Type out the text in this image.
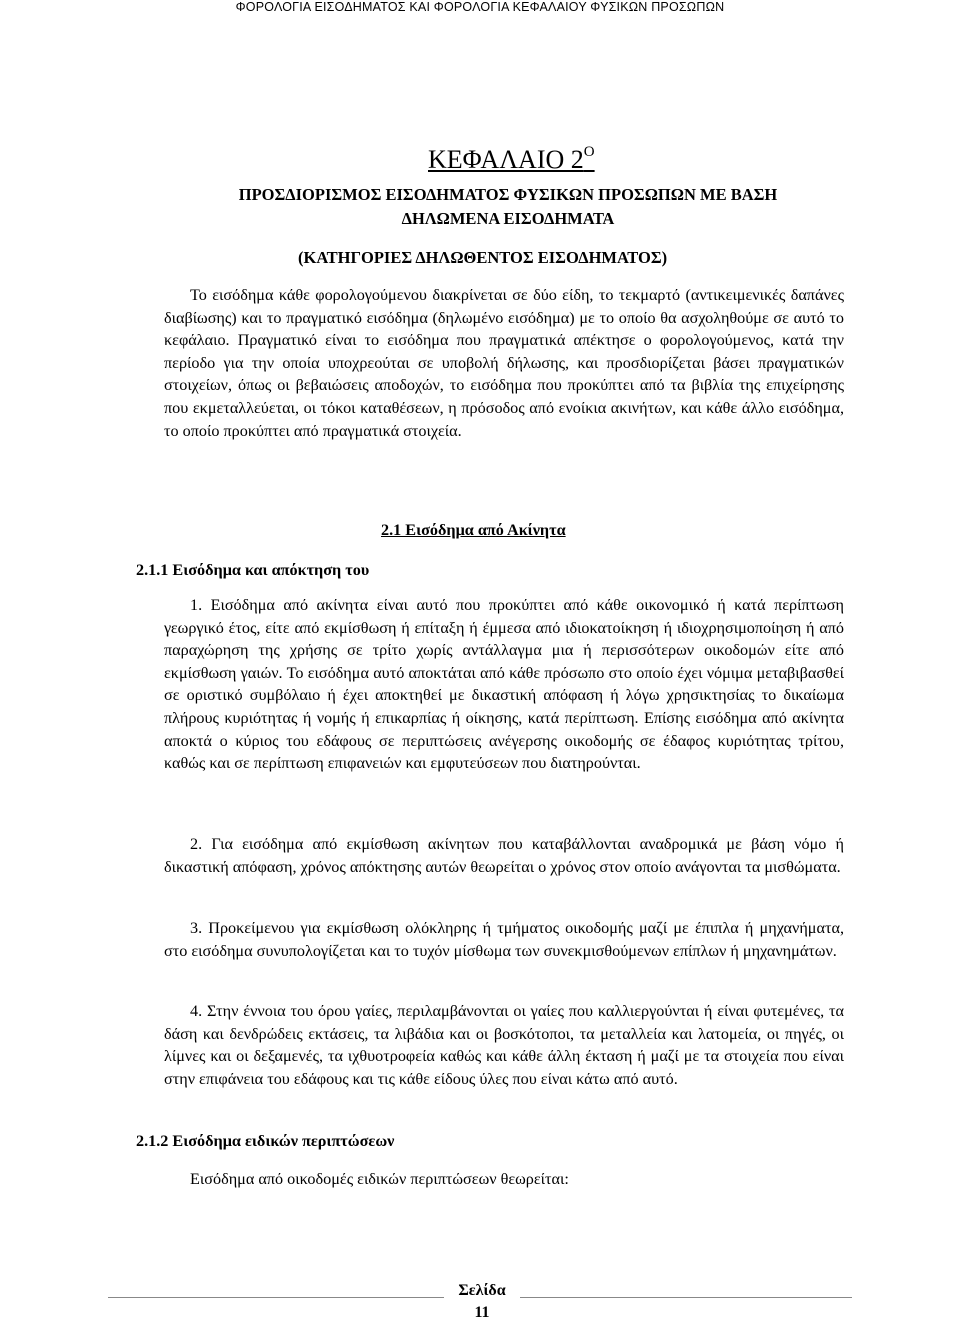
ΦΟΡΟΛΟΓΙΑ ΕΙΣΟΔΗΜΑΤΟΣ ΚΑΙ ΦΟΡΟΛΟΓΙΑ ΚΕΦΑΛΑΙΟΥ ΦΥΣΙΚΩΝ ΠΡΟΣΩΠΩΝ
ΚΕΦΑΛΑΙΟ $2^O$
ΠΡΟΣΔΙΟΡΙΣΜΟΣ ΕΙΣΟΔΗΜΑΤΟΣ ΦΥΣΙΚΩΝ ΠΡΟΣΩΠΩΝ ΜΕ ΒΑΣΗ
ΔΗΛΩΜΕΝΑ ΕΙΣΟΔΗΜΑΤΑ
(ΚΑΤΗΓΟΡΙΕΣ ΔΗΛΩΘΕΝΤΟΣ ΕΙΣΟΔΗΜΑΤΟΣ)
Το εισόδημα κάθε φορολογούμενου διακρίνεται σε δύο είδη, το τεκμαρτό (αντικειμενικές δαπάνες διαβίωσης) και το πραγματικό εισόδημα (δηλωμένο εισόδημα) με το οποίο θα ασχοληθούμε σε αυτό το κεφάλαιο. Πραγματικό είναι το εισόδημα που πραγματικά απέκτησε ο φορολογούμενος, κατά την περίοδο για την οποία υποχρεούται σε υποβολή δήλωσης, και προσδιορίζεται βάσει πραγματικών στοιχείων, όπως οι βεβαιώσεις αποδοχών, το εισόδημα που προκύπτει από τα βιβλία της επιχείρησης που εκμεταλλεύεται, οι τόκοι καταθέσεων, η πρόσοδος από ενοίκια ακινήτων, και κάθε άλλο εισόδημα, το οποίο προκύπτει από πραγματικά στοιχεία.
2.1 Εισόδημα από Ακίνητα
2.1.1 Εισόδημα και απόκτηση του
1. Εισόδημα από ακίνητα είναι αυτό που προκύπτει από κάθε οικονομικό ή κατά περίπτωση γεωργικό έτος, είτε από εκμίσθωση ή επίταξη ή έμμεσα από ιδιοκατοίκηση ή ιδιοχρησιμοποίηση ή από παραχώρηση της χρήσης σε τρίτο χωρίς αντάλλαγμα μια ή περισσότερων οικοδομών είτε από εκμίσθωση γαιών. Το εισόδημα αυτό αποκτάται από κάθε πρόσωπο στο οποίο έχει νόμιμα μεταβιβασθεί σε οριστικό συμβόλαιο ή έχει αποκτηθεί με δικαστική απόφαση ή λόγω χρησικτησίας το δικαίωμα πλήρους κυριότητας ή νομής ή επικαρπίας ή οίκησης, κατά περίπτωση. Επίσης εισόδημα από ακίνητα αποκτά ο κύριος του εδάφους σε περιπτώσεις ανέγερσης οικοδομής σε έδαφος κυριότητας τρίτου, καθώς και σε περίπτωση επιφανειών και εμφυτεύσεων που διατηρούνται.
2. Για εισόδημα από εκμίσθωση ακίνητων που καταβάλλονται αναδρομικά με βάση νόμο ή δικαστική απόφαση, χρόνος απόκτησης αυτών θεωρείται ο χρόνος στον οποίο ανάγονται τα μισθώματα.
3. Προκείμενου για εκμίσθωση ολόκληρης ή τμήματος οικοδομής μαζί με έπιπλα ή μηχανήματα, στο εισόδημα συνυπολογίζεται και το τυχόν μίσθωμα των συνεκμισθούμενων επίπλων ή μηχανημάτων.
4. Στην έννοια του όρου γαίες, περιλαμβάνονται οι γαίες που καλλιεργούνται ή είναι φυτεμένες, τα δάση και δενδρώδεις εκτάσεις, τα λιβάδια και οι βοσκότοποι, τα μεταλλεία και λατομεία, οι πηγές, οι λίμνες και οι δεξαμενές, τα ιχθυοτροφεία καθώς και κάθε άλλη έκταση ή μαζί με τα στοιχεία που είναι στην επιφάνεια του εδάφους και τις κάθε είδους ύλες που είναι κάτω από αυτό.
2.1.2 Εισόδημα ειδικών περιπτώσεων
Εισόδημα από οικοδομές ειδικών περιπτώσεων θεωρείται:
Σελίδα
11
